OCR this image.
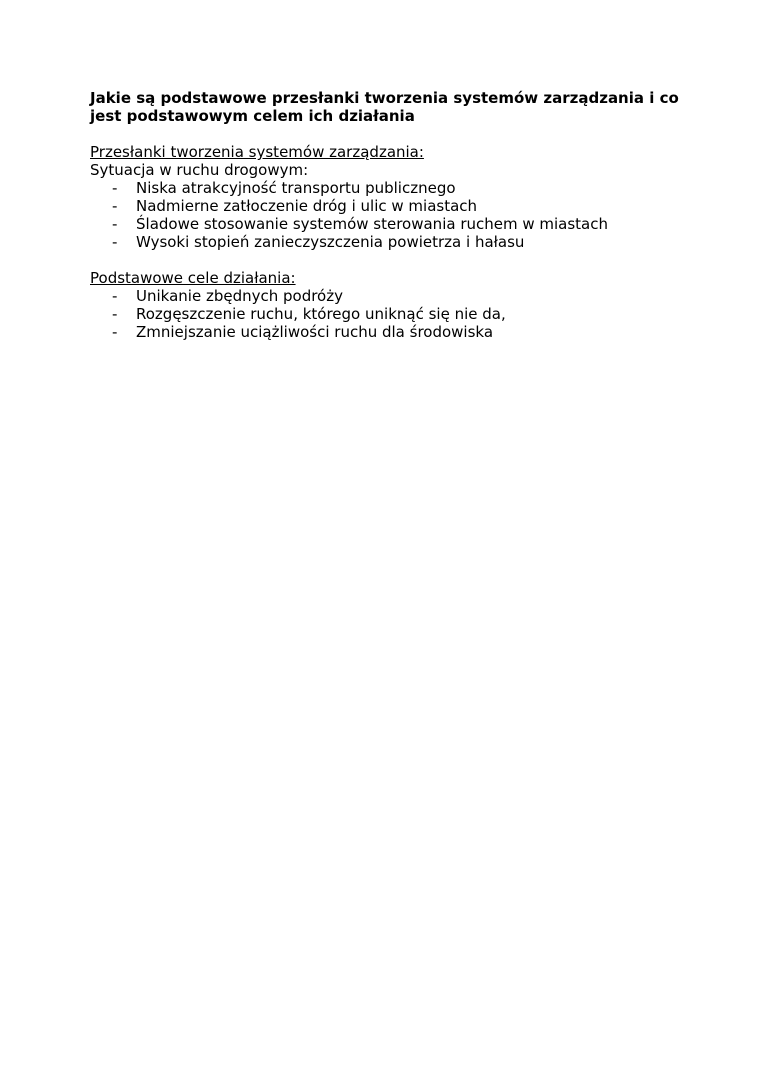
Jakie są podstawowe przesłanki tworzenia systemów zarządzania i co jest podstawowym celem ich działania

Przesłanki tworzenia systemów zarządzania:

Sytuacja w ruchu drogowym:

- Niska atrakcyjność transportu publicznego
- Nadmierne zatłoczenie dróg i ulic w miastach
- Śladowe stosowanie systemów sterowania ruchem w miastach
- Wysoki stopień zanieczyszczenia powietrza i hałasu

Podstawowe cele działania:

- Unikanie zbędnych podróży
- Rozgęszczenie ruchu, którego uniknąć się nie da,
- Zmniejszanie uciążliwości ruchu dla środowiska
